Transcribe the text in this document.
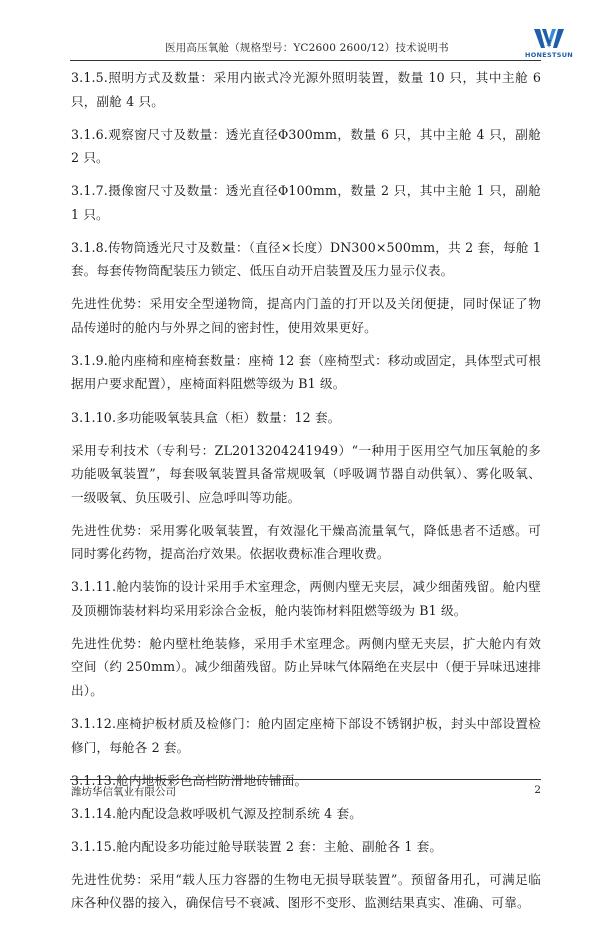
医用高压氧舱（规格型号：YC2600 2600/12）技术说明书
HONESTSUN

3.1.5.照明方式及数量：采用内嵌式冷光源外照明装置，数量 10 只，其中主舱 6 只，副舱 4 只。

3.1.6.观察窗尺寸及数量：透光直径Φ300mm，数量 6 只，其中主舱 4 只，副舱 2 只。

3.1.7.摄像窗尺寸及数量：透光直径Φ100mm，数量 2 只，其中主舱 1 只，副舱 1 只。

3.1.8.传物筒透光尺寸及数量：（直径×长度）DN300×500mm，共 2 套，每舱 1 套。每套传物筒配装压力锁定、低压自动开启装置及压力显示仪表。

先进性优势：采用安全型递物筒，提高内门盖的打开以及关闭便捷，同时保证了物品传递时的舱内与外界之间的密封性，使用效果更好。

3.1.9.舱内座椅和座椅套数量：座椅 12 套（座椅型式：移动或固定，具体型式可根据用户要求配置），座椅面料阻燃等级为 B1 级。

3.1.10.多功能吸氧装具盒（柜）数量：12 套。

采用专利技术（专利号：ZL2013204241949）“一种用于医用空气加压氧舱的多功能吸氧装置”，每套吸氧装置具备常规吸氧（呼吸调节器自动供氧）、雾化吸氧、一级吸氧、负压吸引、应急呼叫等功能。

先进性优势：采用雾化吸氧装置，有效湿化干燥高流量氧气，降低患者不适感。可同时雾化药物，提高治疗效果。依据收费标准合理收费。

3.1.11.舱内装饰的设计采用手术室理念，两侧内壁无夹层，减少细菌残留。舱内壁及顶棚饰装材料均采用彩涂合金板，舱内装饰材料阻燃等级为 B1 级。

先进性优势：舱内壁杜绝装修，采用手术室理念。两侧内壁无夹层，扩大舱内有效空间（约 250mm）。减少细菌残留。防止异味气体隔绝在夹层中（便于异味迅速排出）。

3.1.12.座椅护板材质及检修门：舱内固定座椅下部设不锈钢护板，封头中部设置检修门，每舱各 2 套。

3.1.13.舱内地板彩色高档防滑地砖铺面。

3.1.14.舱内配设急救呼吸机气源及控制系统 4 套。

3.1.15.舱内配设多功能过舱导联装置 2 套：主舱、副舱各 1 套。

先进性优势：采用“载人压力容器的生物电无损导联装置”。预留备用孔，可满足临床各种仪器的接入，确保信号不衰减、图形不变形、监测结果真实、准确、可靠。

潍坊华信氧业有限公司	2
